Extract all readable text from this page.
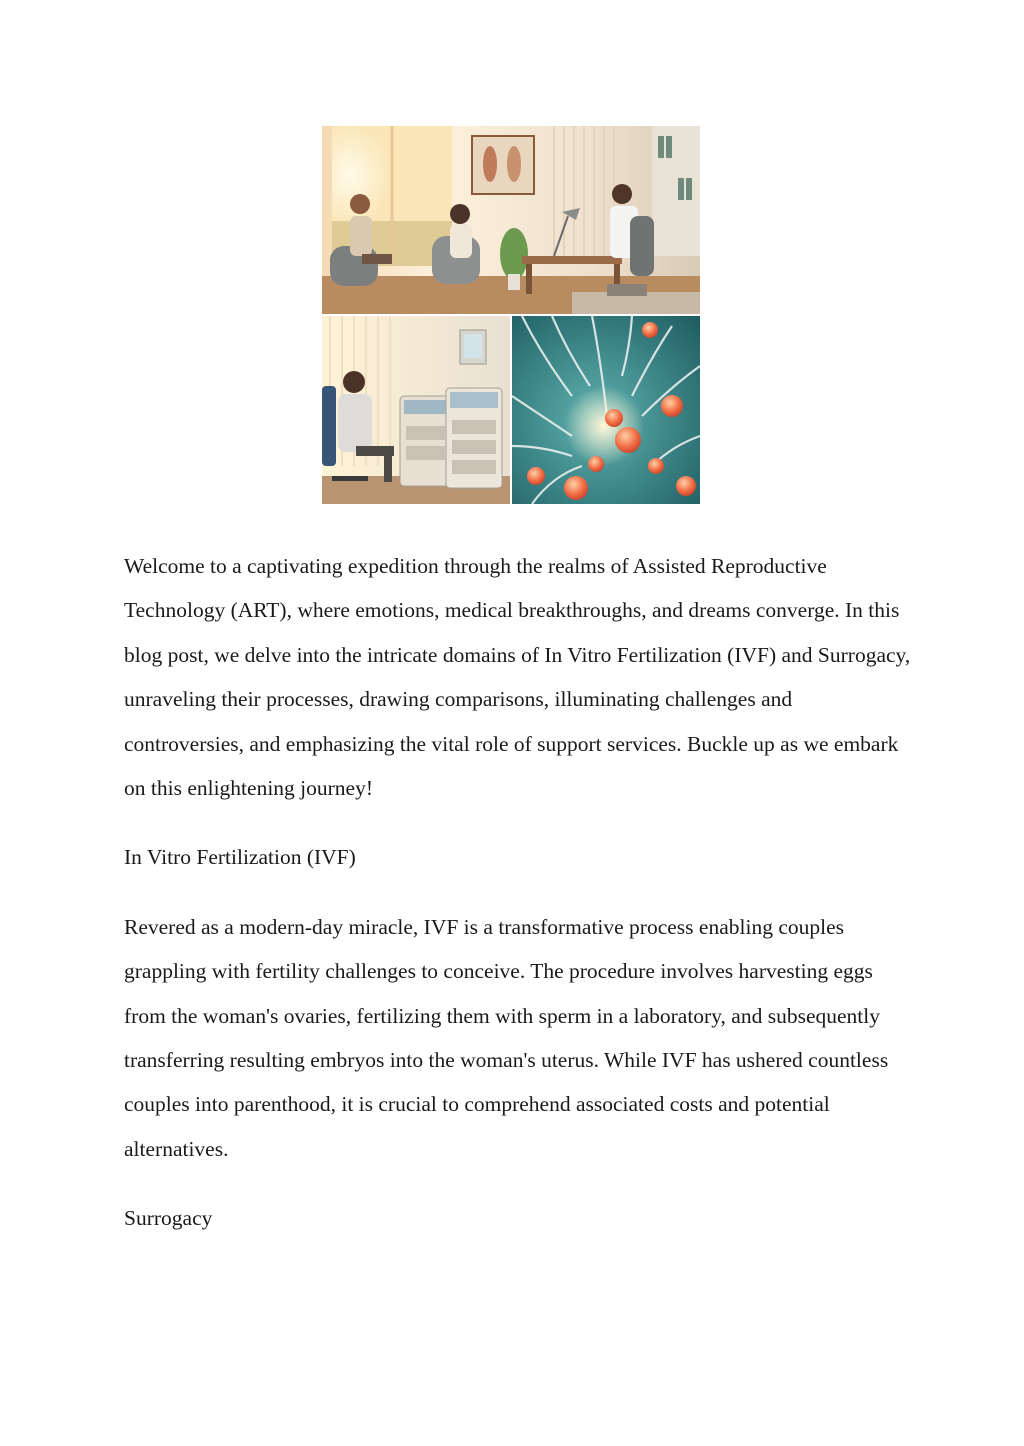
Welcome to a captivating expedition through the realms of Assisted Reproductive Technology (ART), where emotions, medical breakthroughs, and dreams converge. In this blog post, we delve into the intricate domains of In Vitro Fertilization (IVF) and Surrogacy, unraveling their processes, drawing comparisons, illuminating challenges and controversies, and emphasizing the vital role of support services. Buckle up as we embark on this enlightening journey!

In Vitro Fertilization (IVF)

Revered as a modern-day miracle, IVF is a transformative process enabling couples grappling with fertility challenges to conceive. The procedure involves harvesting eggs from the woman's ovaries, fertilizing them with sperm in a laboratory, and subsequently transferring resulting embryos into the woman's uterus. While IVF has ushered countless couples into parenthood, it is crucial to comprehend associated costs and potential alternatives.

Surrogacy
